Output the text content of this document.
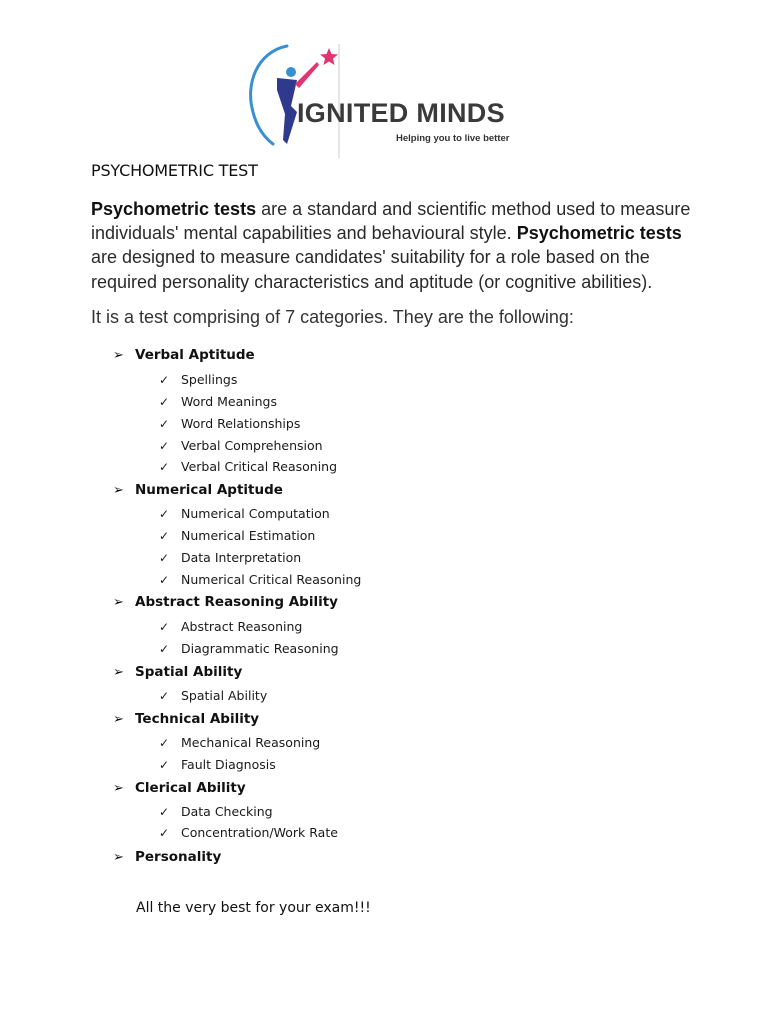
IGNITED MINDS
Helping you to live better
PSYCHOMETRIC TEST

Psychometric tests are a standard and scientific method used to measure individuals' mental capabilities and behavioural style. Psychometric tests are designed to measure candidates' suitability for a role based on the required personality characteristics and aptitude (or cognitive abilities).

It is a test comprising of 7 categories. They are the following:

➢ Verbal Aptitude
✓ Spellings
✓ Word Meanings
✓ Word Relationships
✓ Verbal Comprehension
✓ Verbal Critical Reasoning
➢ Numerical Aptitude
✓ Numerical Computation
✓ Numerical Estimation
✓ Data Interpretation
✓ Numerical Critical Reasoning
➢ Abstract Reasoning Ability
✓ Abstract Reasoning
✓ Diagrammatic Reasoning
➢ Spatial Ability
✓ Spatial Ability
➢ Technical Ability
✓ Mechanical Reasoning
✓ Fault Diagnosis
➢ Clerical Ability
✓ Data Checking
✓ Concentration/Work Rate
➢ Personality
All the very best for your exam!!!
